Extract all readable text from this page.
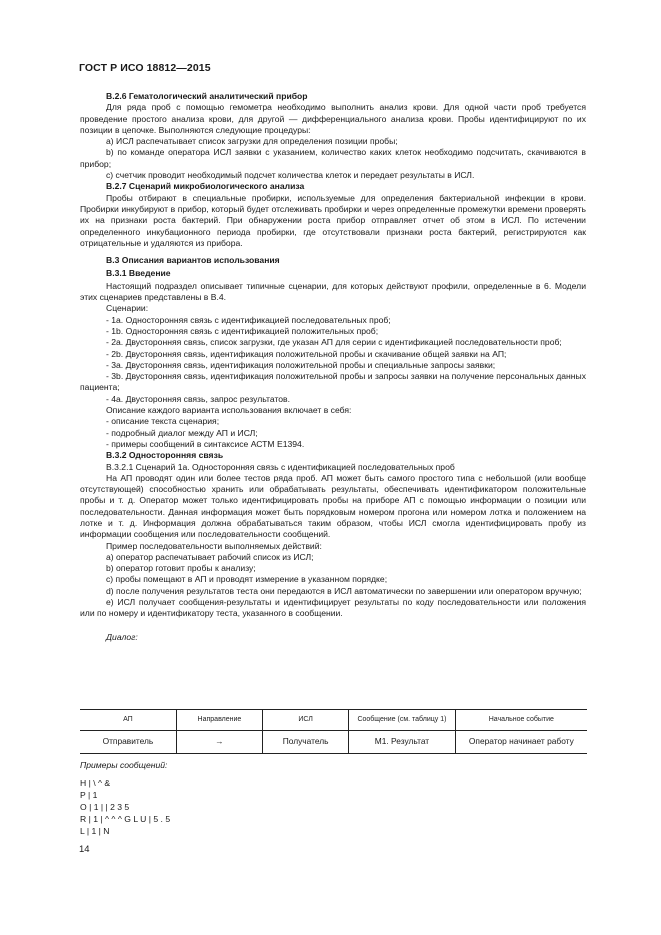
ГОСТ Р ИСО 18812—2015
В.2.6 Гематологический аналитический прибор
Для ряда проб с помощью гемометра необходимо выполнить анализ крови. Для одной части проб требуется проведение простого анализа крови, для другой — дифференциального анализа крови. Пробы идентифицируют по их позиции в цепочке. Выполняются следующие процедуры:
a) ИСЛ распечатывает список загрузки для определения позиции пробы;
b) по команде оператора ИСЛ заявки с указанием, количество каких клеток необходимо подсчитать, скачиваются в прибор;
c) счетчик проводит необходимый подсчет количества клеток и передает результаты в ИСЛ.
В.2.7 Сценарий микробиологического анализа
Пробы отбирают в специальные пробирки, используемые для определения бактериальной инфекции в крови. Пробирки инкубируют в прибор, который будет отслеживать пробирки и через определенные промежутки времени проверять их на признаки роста бактерий. При обнаружении роста прибор отправляет отчет об этом в ИСЛ. По истечении определенного инкубационного периода пробирки, где отсутствовали признаки роста бактерий, регистрируются как отрицательные и удаляются из прибора.
В.3 Описания вариантов использования
В.3.1 Введение
Настоящий подраздел описывает типичные сценарии, для которых действуют профили, определенные в 6. Модели этих сценариев представлены в В.4.
Сценарии:
- 1а. Односторонняя связь с идентификацией последовательных проб;
- 1b. Односторонняя связь с идентификацией положительных проб;
- 2а. Двусторонняя связь, список загрузки, где указан АП для серии с идентификацией последовательности проб;
- 2b. Двусторонняя связь, идентификация положительной пробы и скачивание общей заявки на АП;
- 3а. Двусторонняя связь, идентификация положительной пробы и специальные запросы заявки;
- 3b. Двусторонняя связь, идентификация положительной пробы и запросы заявки на получение персональных данных пациента;
- 4а. Двусторонняя связь, запрос результатов.
Описание каждого варианта использования включает в себя:
- описание текста сценария;
- подробный диалог между АП и ИСЛ;
- примеры сообщений в синтаксисе АСТМ Е1394.
В.3.2 Односторонняя связь
В.3.2.1 Сценарий 1а. Односторонняя связь с идентификацией последовательных проб
На АП проводят один или более тестов ряда проб. АП может быть самого простого типа с небольшой (или вообще отсутствующей) способностью хранить или обрабатывать результаты, обеспечивать идентификатором положительные пробы и т. д. Оператор может только идентифицировать пробы на приборе АП с помощью информации о позиции или последовательности. Данная информация может быть порядковым номером прогона или номером лотка и положением на лотке и т. д. Информация должна обрабатываться таким образом, чтобы ИСЛ смогла идентифицировать пробу из информации сообщения или последовательности сообщений.
Пример последовательности выполняемых действий:
a) оператор распечатывает рабочий список из ИСЛ;
b) оператор готовит пробы к анализу;
c) пробы помещают в АП и проводят измерение в указанном порядке;
d) после получения результатов теста они передаются в ИСЛ автоматически по завершении или оператором вручную;
e) ИСЛ получает сообщения-результаты и идентифицирует результаты по коду последовательности или положения или по номеру и идентификатору теста, указанного в сообщении.
Диалог:
АП	Направление	ИСЛ	Сообщение (см. таблицу 1)	Начальное событие
Отправитель	→	Получатель	М1. Результат	Оператор начинает работу
Примеры сообщений:
H | \ ^ &
P | 1
O | 1 | | 2 3 5
R | 1 | ^ ^ ^ G L U | 5 . 5
L | 1 | N
14
